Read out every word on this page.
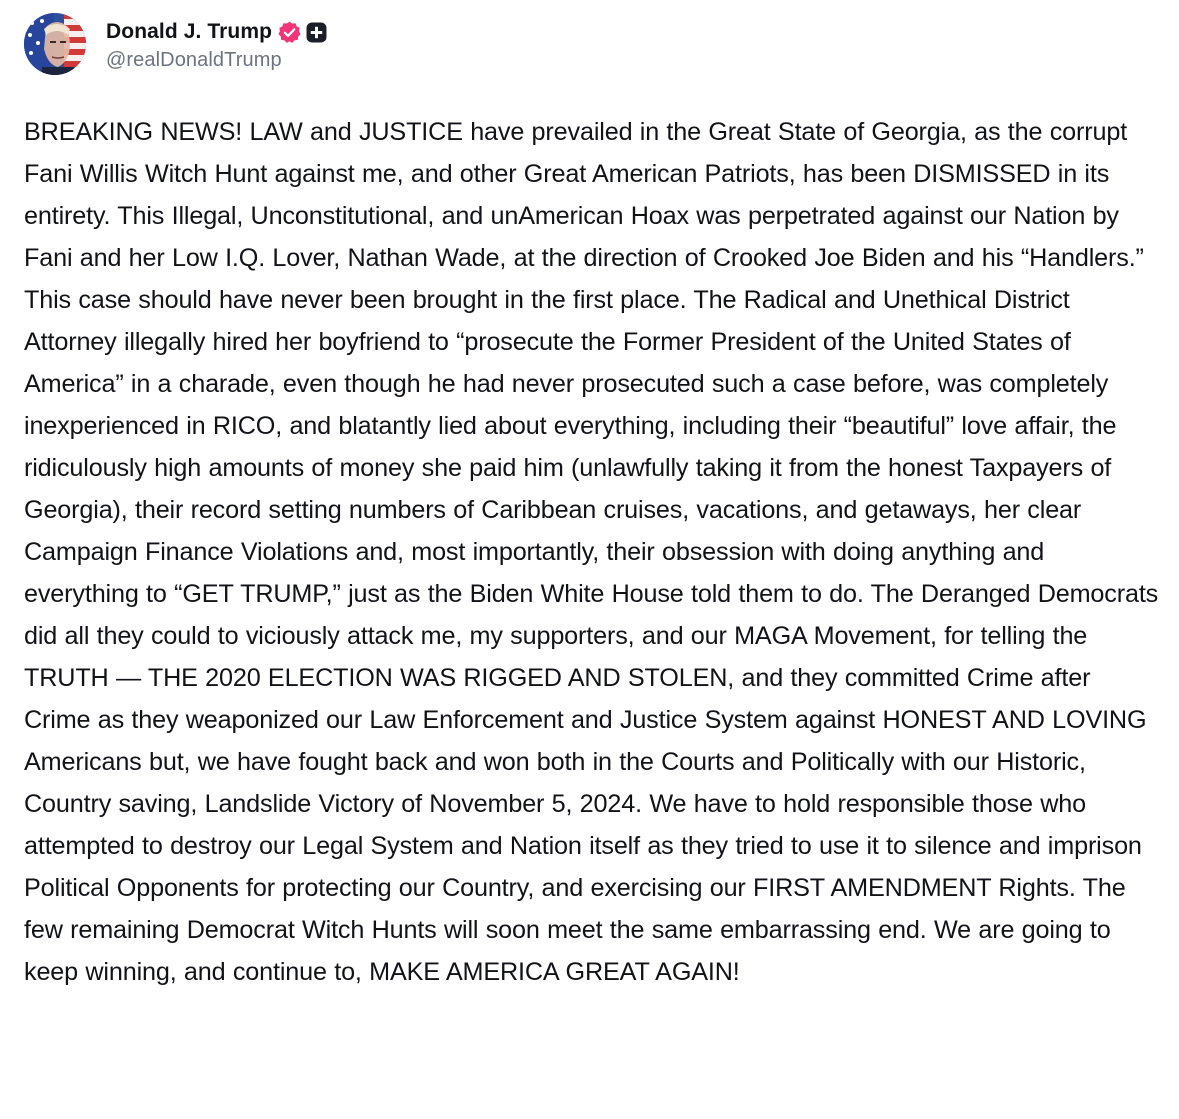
Donald J. Trump
@realDonaldTrump

BREAKING NEWS! LAW and JUSTICE have prevailed in the Great State of Georgia, as the corrupt Fani Willis Witch Hunt against me, and other Great American Patriots, has been DISMISSED in its entirety. This Illegal, Unconstitutional, and unAmerican Hoax was perpetrated against our Nation by Fani and her Low I.Q. Lover, Nathan Wade, at the direction of Crooked Joe Biden and his “Handlers.” This case should have never been brought in the first place. The Radical and Unethical District Attorney illegally hired her boyfriend to “prosecute the Former President of the United States of America” in a charade, even though he had never prosecuted such a case before, was completely inexperienced in RICO, and blatantly lied about everything, including their “beautiful” love affair, the ridiculously high amounts of money she paid him (unlawfully taking it from the honest Taxpayers of Georgia), their record setting numbers of Caribbean cruises, vacations, and getaways, her clear Campaign Finance Violations and, most importantly, their obsession with doing anything and everything to “GET TRUMP,” just as the Biden White House told them to do. The Deranged Democrats did all they could to viciously attack me, my supporters, and our MAGA Movement, for telling the TRUTH — THE 2020 ELECTION WAS RIGGED AND STOLEN, and they committed Crime after Crime as they weaponized our Law Enforcement and Justice System against HONEST AND LOVING Americans but, we have fought back and won both in the Courts and Politically with our Historic, Country saving, Landslide Victory of November 5, 2024. We have to hold responsible those who attempted to destroy our Legal System and Nation itself as they tried to use it to silence and imprison Political Opponents for protecting our Country, and exercising our FIRST AMENDMENT Rights. The few remaining Democrat Witch Hunts will soon meet the same embarrassing end. We are going to keep winning, and continue to, MAKE AMERICA GREAT AGAIN!
